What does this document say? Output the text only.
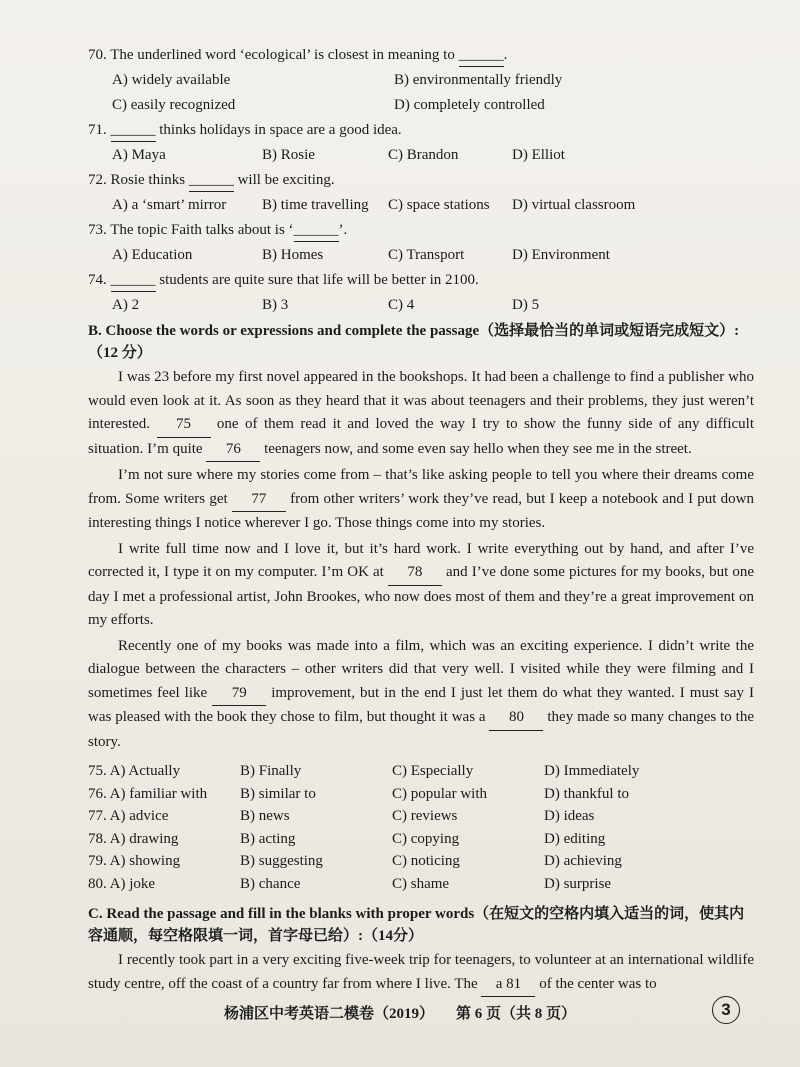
70. The underlined word ‘ecological’ is closest in meaning to ______.

A) widely available	B) environmentally friendly
C) easily recognized	D) completely controlled

71. ______ thinks holidays in space are a good idea.

A) Maya	B) Rosie	C) Brandon	D) Elliot

72. Rosie thinks ______ will be exciting.

A) a ‘smart’ mirror	B) time travelling	C) space stations	D) virtual classroom

73. The topic Faith talks about is ‘______’.

A) Education	B) Homes	C) Transport	D) Environment

74. ______ students are quite sure that life will be better in 2100.

A) 2	B) 3	C) 4	D) 5

B. Choose the words or expressions and complete the passage（选择最恰当的单词或短语完成短文）:（12 分）

I was 23 before my first novel appeared in the bookshops. It had been a challenge to find a publisher who would even look at it. As soon as they heard that it was about teenagers and their problems, they just weren’t interested. 75 one of them read it and loved the way I try to show the funny side of any difficult situation. I’m quite 76 teenagers now, and some even say hello when they see me in the street.

I’m not sure where my stories come from – that’s like asking people to tell you where their dreams come from. Some writers get 77 from other writers’ work they’ve read, but I keep a notebook and I put down interesting things I notice wherever I go. Those things come into my stories.

I write full time now and I love it, but it’s hard work. I write everything out by hand, and after I’ve corrected it, I type it on my computer. I’m OK at 78 and I’ve done some pictures for my books, but one day I met a professional artist, John Brookes, who now does most of them and they’re a great improvement on my efforts.

Recently one of my books was made into a film, which was an exciting experience. I didn’t write the dialogue between the characters – other writers did that very well. I visited while they were filming and I sometimes feel like 79 improvement, but in the end I just let them do what they wanted. I must say I was pleased with the book they chose to film, but thought it was a 80 they made so many changes to the story.

75. A) Actually	B) Finally	C) Especially	D) Immediately
76. A) familiar with	B) similar to	C) popular with	D) thankful to
77. A) advice	B) news	C) reviews	D) ideas
78. A) drawing	B) acting	C) copying	D) editing
79. A) showing	B) suggesting	C) noticing	D) achieving
80. A) joke	B) chance	C) shame	D) surprise

C. Read the passage and fill in the blanks with proper words（在短文的空格内填入适当的词，使其内容通顺，每空格限填一词，首字母已给）:（14分）

I recently took part in a very exciting five-week trip for teenagers, to volunteer at an international wildlife study centre, off the coast of a country far from where I live. The a 81 of the center was to

杨浦区中考英语二模卷（2019） 第 6 页（共 8 页）	3
